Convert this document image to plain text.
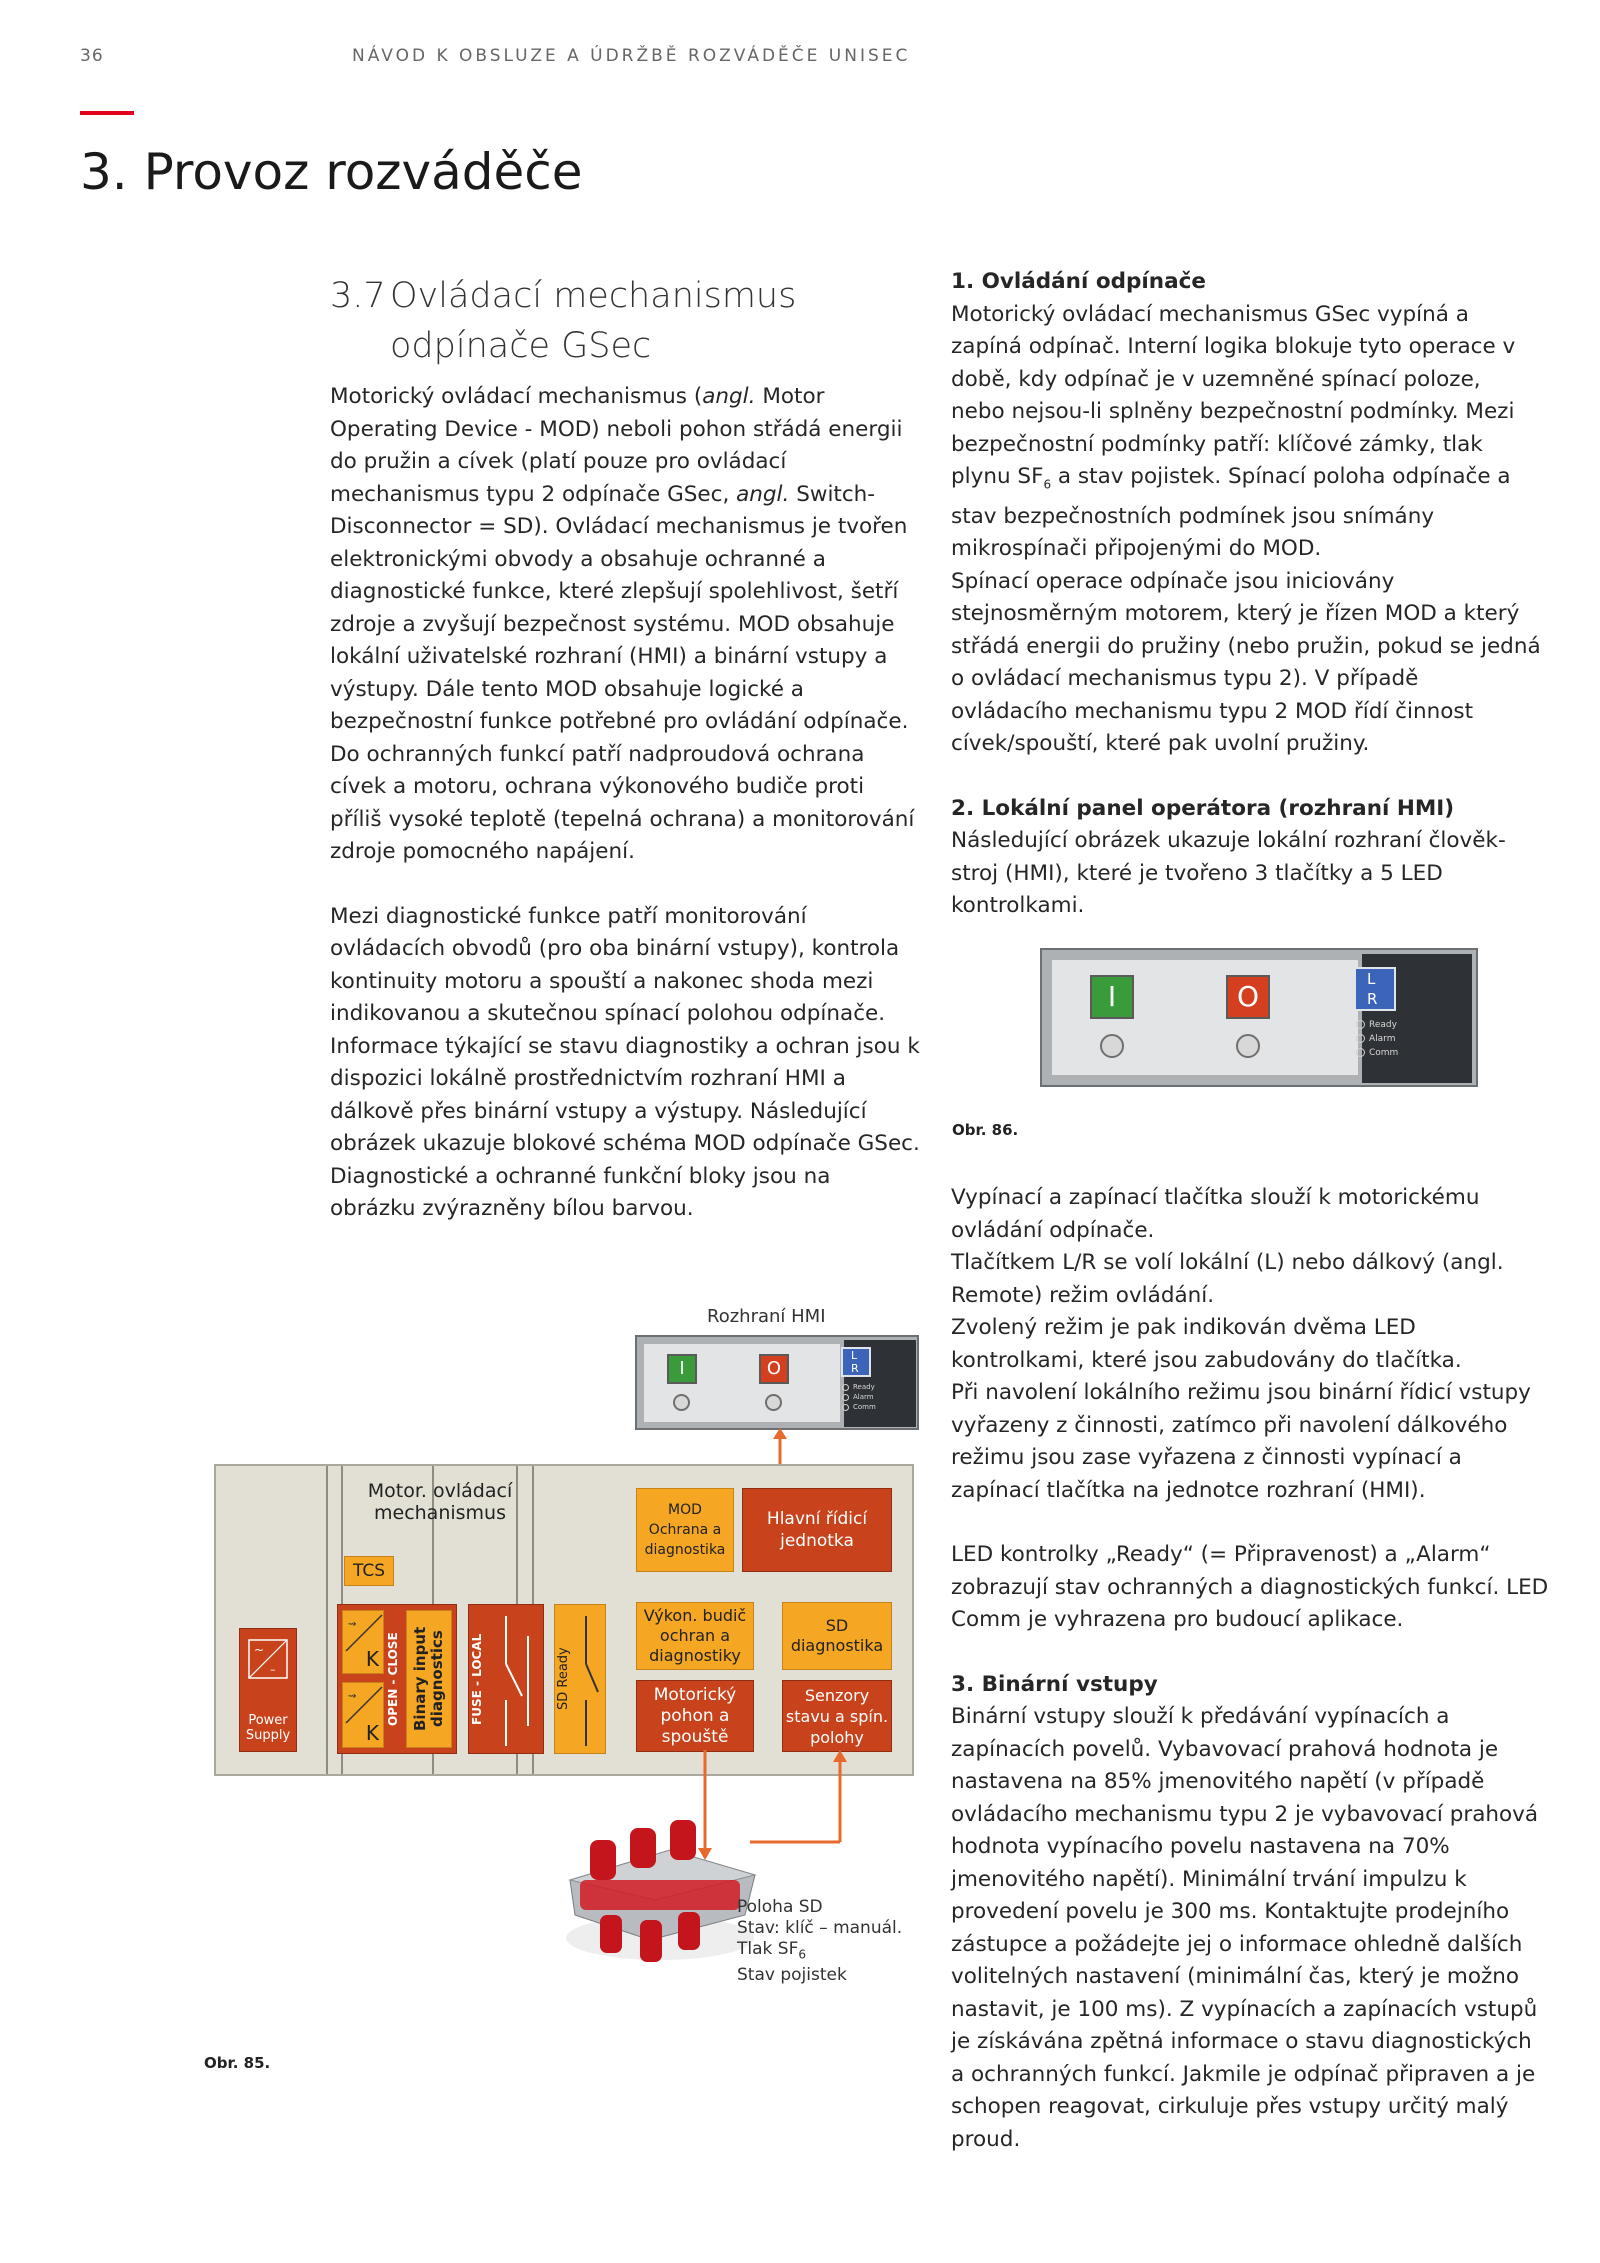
36	NÁVOD K OBSLUZE A ÚDRŽBĚ ROZVÁDĚČE UNISEC
3. Provoz rozváděče
3.7 Ovládací mechanismus
odpínače GSec

Motorický ovládací mechanismus (angl. Motor Operating Device - MOD) neboli pohon střádá energii do pružin a cívek (platí pouze pro ovládací mechanismus typu 2 odpínače GSec, angl. Switch-Disconnector = SD). Ovládací mechanismus je tvořen elektronickými obvody a obsahuje ochranné a diagnostické funkce, které zlepšují spolehlivost, šetří zdroje a zvyšují bezpečnost systému. MOD obsahuje lokální uživatelské rozhraní (HMI) a binární vstupy a výstupy. Dále tento MOD obsahuje logické a bezpečnostní funkce potřebné pro ovládání odpínače. Do ochranných funkcí patří nadproudová ochrana cívek a motoru, ochrana výkonového budiče proti příliš vysoké teplotě (tepelná ochrana) a monitorování zdroje pomocného napájení.

Mezi diagnostické funkce patří monitorování ovládacích obvodů (pro oba binární vstupy), kontrola kontinuity motoru a spouští a nakonec shoda mezi indikovanou a skutečnou spínací polohou odpínače. Informace týkající se stavu diagnostiky a ochran jsou k dispozici lokálně prostřednictvím rozhraní HMI a dálkově přes binární vstupy a výstupy. Následující obrázek ukazuje blokové schéma MOD odpínače GSec. Diagnostické a ochranné funkční bloky jsou na obrázku zvýrazněny bílou barvou.

1. Ovládání odpínače

Motorický ovládací mechanismus GSec vypíná a zapíná odpínač. Interní logika blokuje tyto operace v době, kdy odpínač je v uzemněné spínací poloze, nebo nejsou-li splněny bezpečnostní podmínky. Mezi bezpečnostní podmínky patří: klíčové zámky, tlak plynu $SF_6$ a stav pojistek. Spínací poloha odpínače a stav bezpečnostních podmínek jsou snímány mikrospínači připojenými do MOD.

Spínací operace odpínače jsou iniciovány stejnosměrným motorem, který je řízen MOD a který střádá energii do pružiny (nebo pružin, pokud se jedná o ovládací mechanismus typu 2). V případě ovládacího mechanismu typu 2 MOD řídí činnost cívek/spouští, které pak uvolní pružiny.

2. Lokální panel operátora (rozhraní HMI)

Následující obrázek ukazuje lokální rozhraní člověk-stroj (HMI), které je tvořeno 3 tlačítky a 5 LED kontrolkami.

I	O
L
R
Ready
Alarm
Comm
Obr. 86.

Vypínací a zapínací tlačítka slouží k motorickému ovládání odpínače.

Tlačítkem L/R se volí lokální (L) nebo dálkový (angl. Remote) režim ovládání.

Zvolený režim je pak indikován dvěma LED kontrolkami, které jsou zabudovány do tlačítka.

Při navolení lokálního režimu jsou binární řídicí vstupy vyřazeny z činnosti, zatímco při navolení dálkového režimu jsou zase vyřazena z činnosti vypínací a zapínací tlačítka na jednotce rozhraní (HMI).

LED kontrolky „Ready“ (= Připravenost) a „Alarm“ zobrazují stav ochranných a diagnostických funkcí. LED Comm je vyhrazena pro budoucí aplikace.

3. Binární vstupy

Binární vstupy slouží k předávání vypínacích a zapínacích povelů. Vybavovací prahová hodnota je nastavena na 85% jmenovitého napětí (v případě ovládacího mechanismu typu 2 je vybavovací prahová hodnota vypínacího povelu nastavena na 70% jmenovitého napětí). Minimální trvání impulzu k provedení povelu je 300 ms. Kontaktujte prodejního zástupce a požádejte jej o informace ohledně dalších volitelných nastavení (minimální čas, který je možno nastavit, je 100 ms). Z vypínacích a zapínacích vstupů je získávána zpětná informace o stavu diagnostických a ochranných funkcí. Jakmile je odpínač připraven a je schopen reagovat, cirkuluje přes vstupy určitý malý proud.

Rozhraní HMI
I	O
L
R
Ready
Alarm
Comm
Motor. ovládací mechanismus
TCS
~
–
Power
Supply
K
⇝
K
⇝ OPEN - CLOSE Binary input diagnostics FUSE - LOCAL	SD Ready
MOD Ochrana a diagnostika
Hlavní řídicí jednotka
Výkon. budič ochran a diagnostiky
SD diagnostika
Motorický pohon a spouště
Senzory stavu a spín. polohy
Poloha SD
Stav: klíč – manuál.
Tlak $SF_6$
Stav pojistek
Obr. 85.
